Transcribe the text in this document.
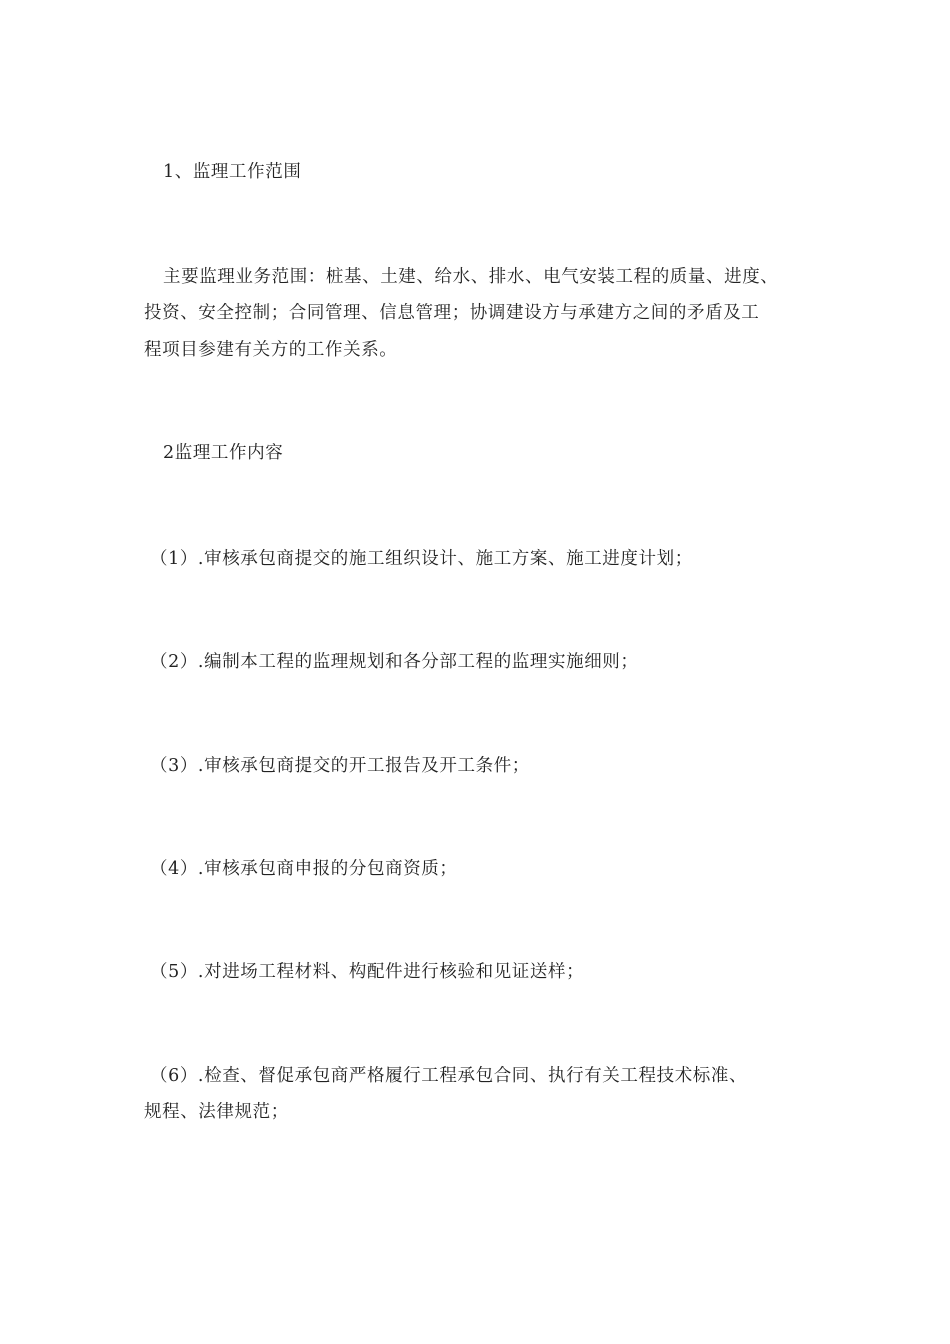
1、监理工作范围
主要监理业务范围：桩基、土建、给水、排水、电气安装工程的质量、进度、
投资、安全控制；合同管理、信息管理；协调建设方与承建方之间的矛盾及工
程项目参建有关方的工作关系。
2监理工作内容
（1）.审核承包商提交的施工组织设计、施工方案、施工进度计划；
（2）.编制本工程的监理规划和各分部工程的监理实施细则；
（3）.审核承包商提交的开工报告及开工条件；
（4）.审核承包商申报的分包商资质；
（5）.对进场工程材料、构配件进行核验和见证送样；
（6）.检查、督促承包商严格履行工程承包合同、执行有关工程技术标准、
规程、法律规范；
